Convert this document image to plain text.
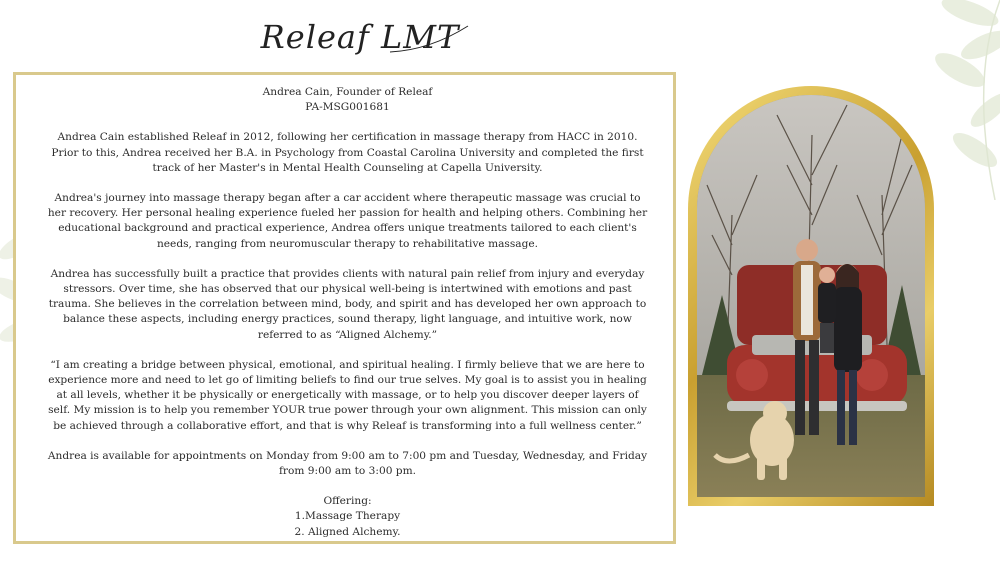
Releaf LMT

Andrea Cain, Founder of Releaf

PA-MSG001681

Andrea Cain established Releaf in 2012, following her certification in massage therapy from HACC in 2010. Prior to this, Andrea received her B.A. in Psychology from Coastal Carolina University and completed the first track of her Master's in Mental Health Counseling at Capella University.

Andrea's journey into massage therapy began after a car accident where therapeutic massage was crucial to her recovery. Her personal healing experience fueled her passion for health and helping others. Combining her educational background and practical experience, Andrea offers unique treatments tailored to each client's needs, ranging from neuromuscular therapy to rehabilitative massage.

Andrea has successfully built a practice that provides clients with natural pain relief from injury and everyday stressors. Over time, she has observed that our physical well-being is intertwined with emotions and past trauma. She believes in the correlation between mind, body, and spirit and has developed her own approach to balance these aspects, including energy practices, sound therapy, light language, and intuitive work, now referred to as “Aligned Alchemy.”

“I am creating a bridge between physical, emotional, and spiritual healing. I firmly believe that we are here to experience more and need to let go of limiting beliefs to find our true selves. My goal is to assist you in healing at all levels, whether it be physically or energetically with massage, or to help you discover deeper layers of self. My mission is to help you remember YOUR true power through your own alignment. This mission can only be achieved through a collaborative effort, and that is why Releaf is transforming into a full wellness center.”

Andrea is available for appointments on Monday from 9:00 am to 7:00 pm and Tuesday, Wednesday, and Friday from 9:00 am to 3:00 pm.

Offering:

1.Massage Therapy

2. Aligned Alchemy.
